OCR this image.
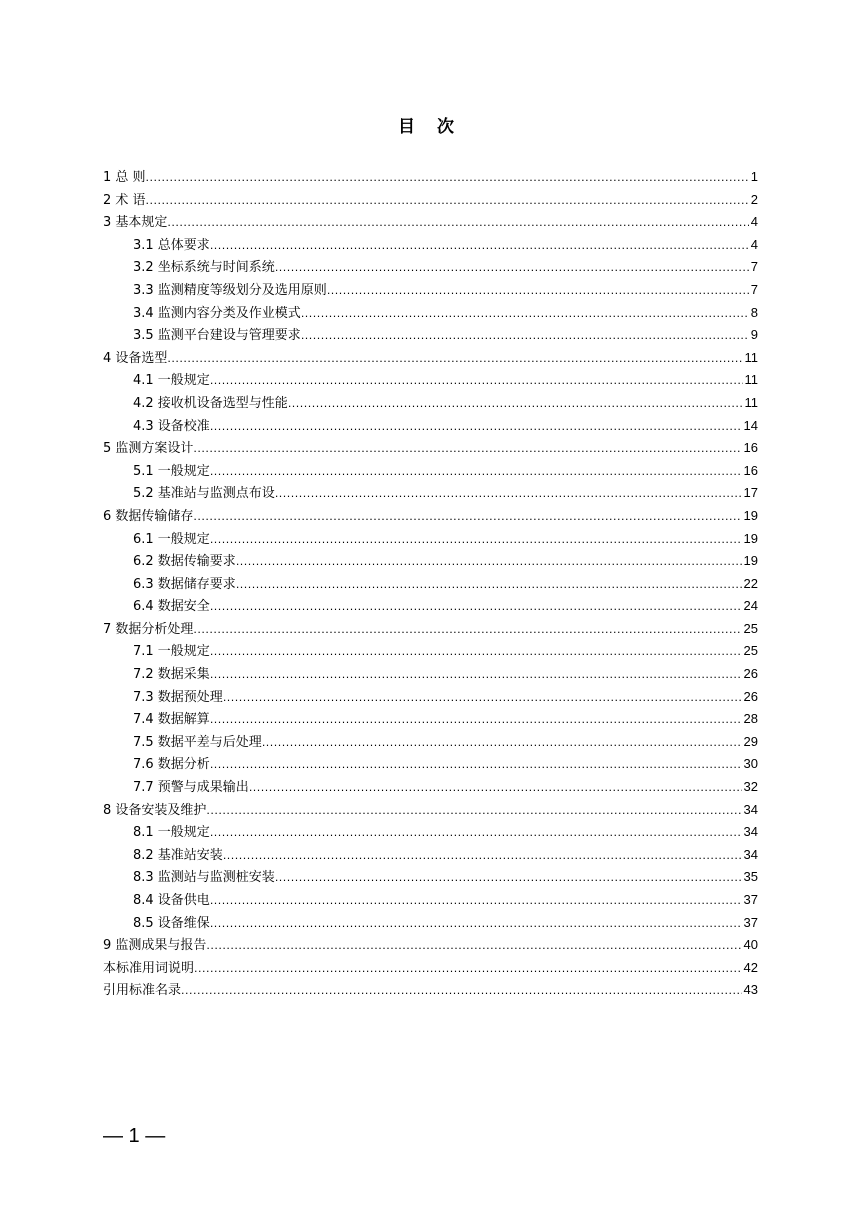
目 次
1 总 则 .....	1
2 术 语 .....	2
3 基本规定 .....	4
3.1 总体要求 .....	4
3.2 坐标系统与时间系统 .....	7
3.3 监测精度等级划分及选用原则 .....	7
3.4 监测内容分类及作业模式 .....	8
3.5 监测平台建设与管理要求 .....	9
4 设备选型 .....	11
4.1 一般规定 .....	11
4.2 接收机设备选型与性能 .....	11
4.3 设备校准 .....	14
5 监测方案设计 .....	16
5.1 一般规定 .....	16
5.2 基准站与监测点布设 .....	17
6 数据传输储存 .....	19
6.1 一般规定 .....	19
6.2 数据传输要求 .....	19
6.3 数据储存要求 .....	22
6.4 数据安全 .....	24
7 数据分析处理 .....	25
7.1 一般规定 .....	25
7.2 数据采集 .....	26
7.3 数据预处理 .....	26
7.4 数据解算 .....	28
7.5 数据平差与后处理 .....	29
7.6 数据分析 .....	30
7.7 预警与成果输出 .....	32
8 设备安装及维护 .....	34
8.1 一般规定 .....	34
8.2 基准站安装 .....	34
8.3 监测站与监测桩安装 .....	35
8.4 设备供电 .....	37
8.5 设备维保 .....	37
9 监测成果与报告 .....	40
本标准用词说明 .....	42
引用标准名录 .....	43
— 1 —
